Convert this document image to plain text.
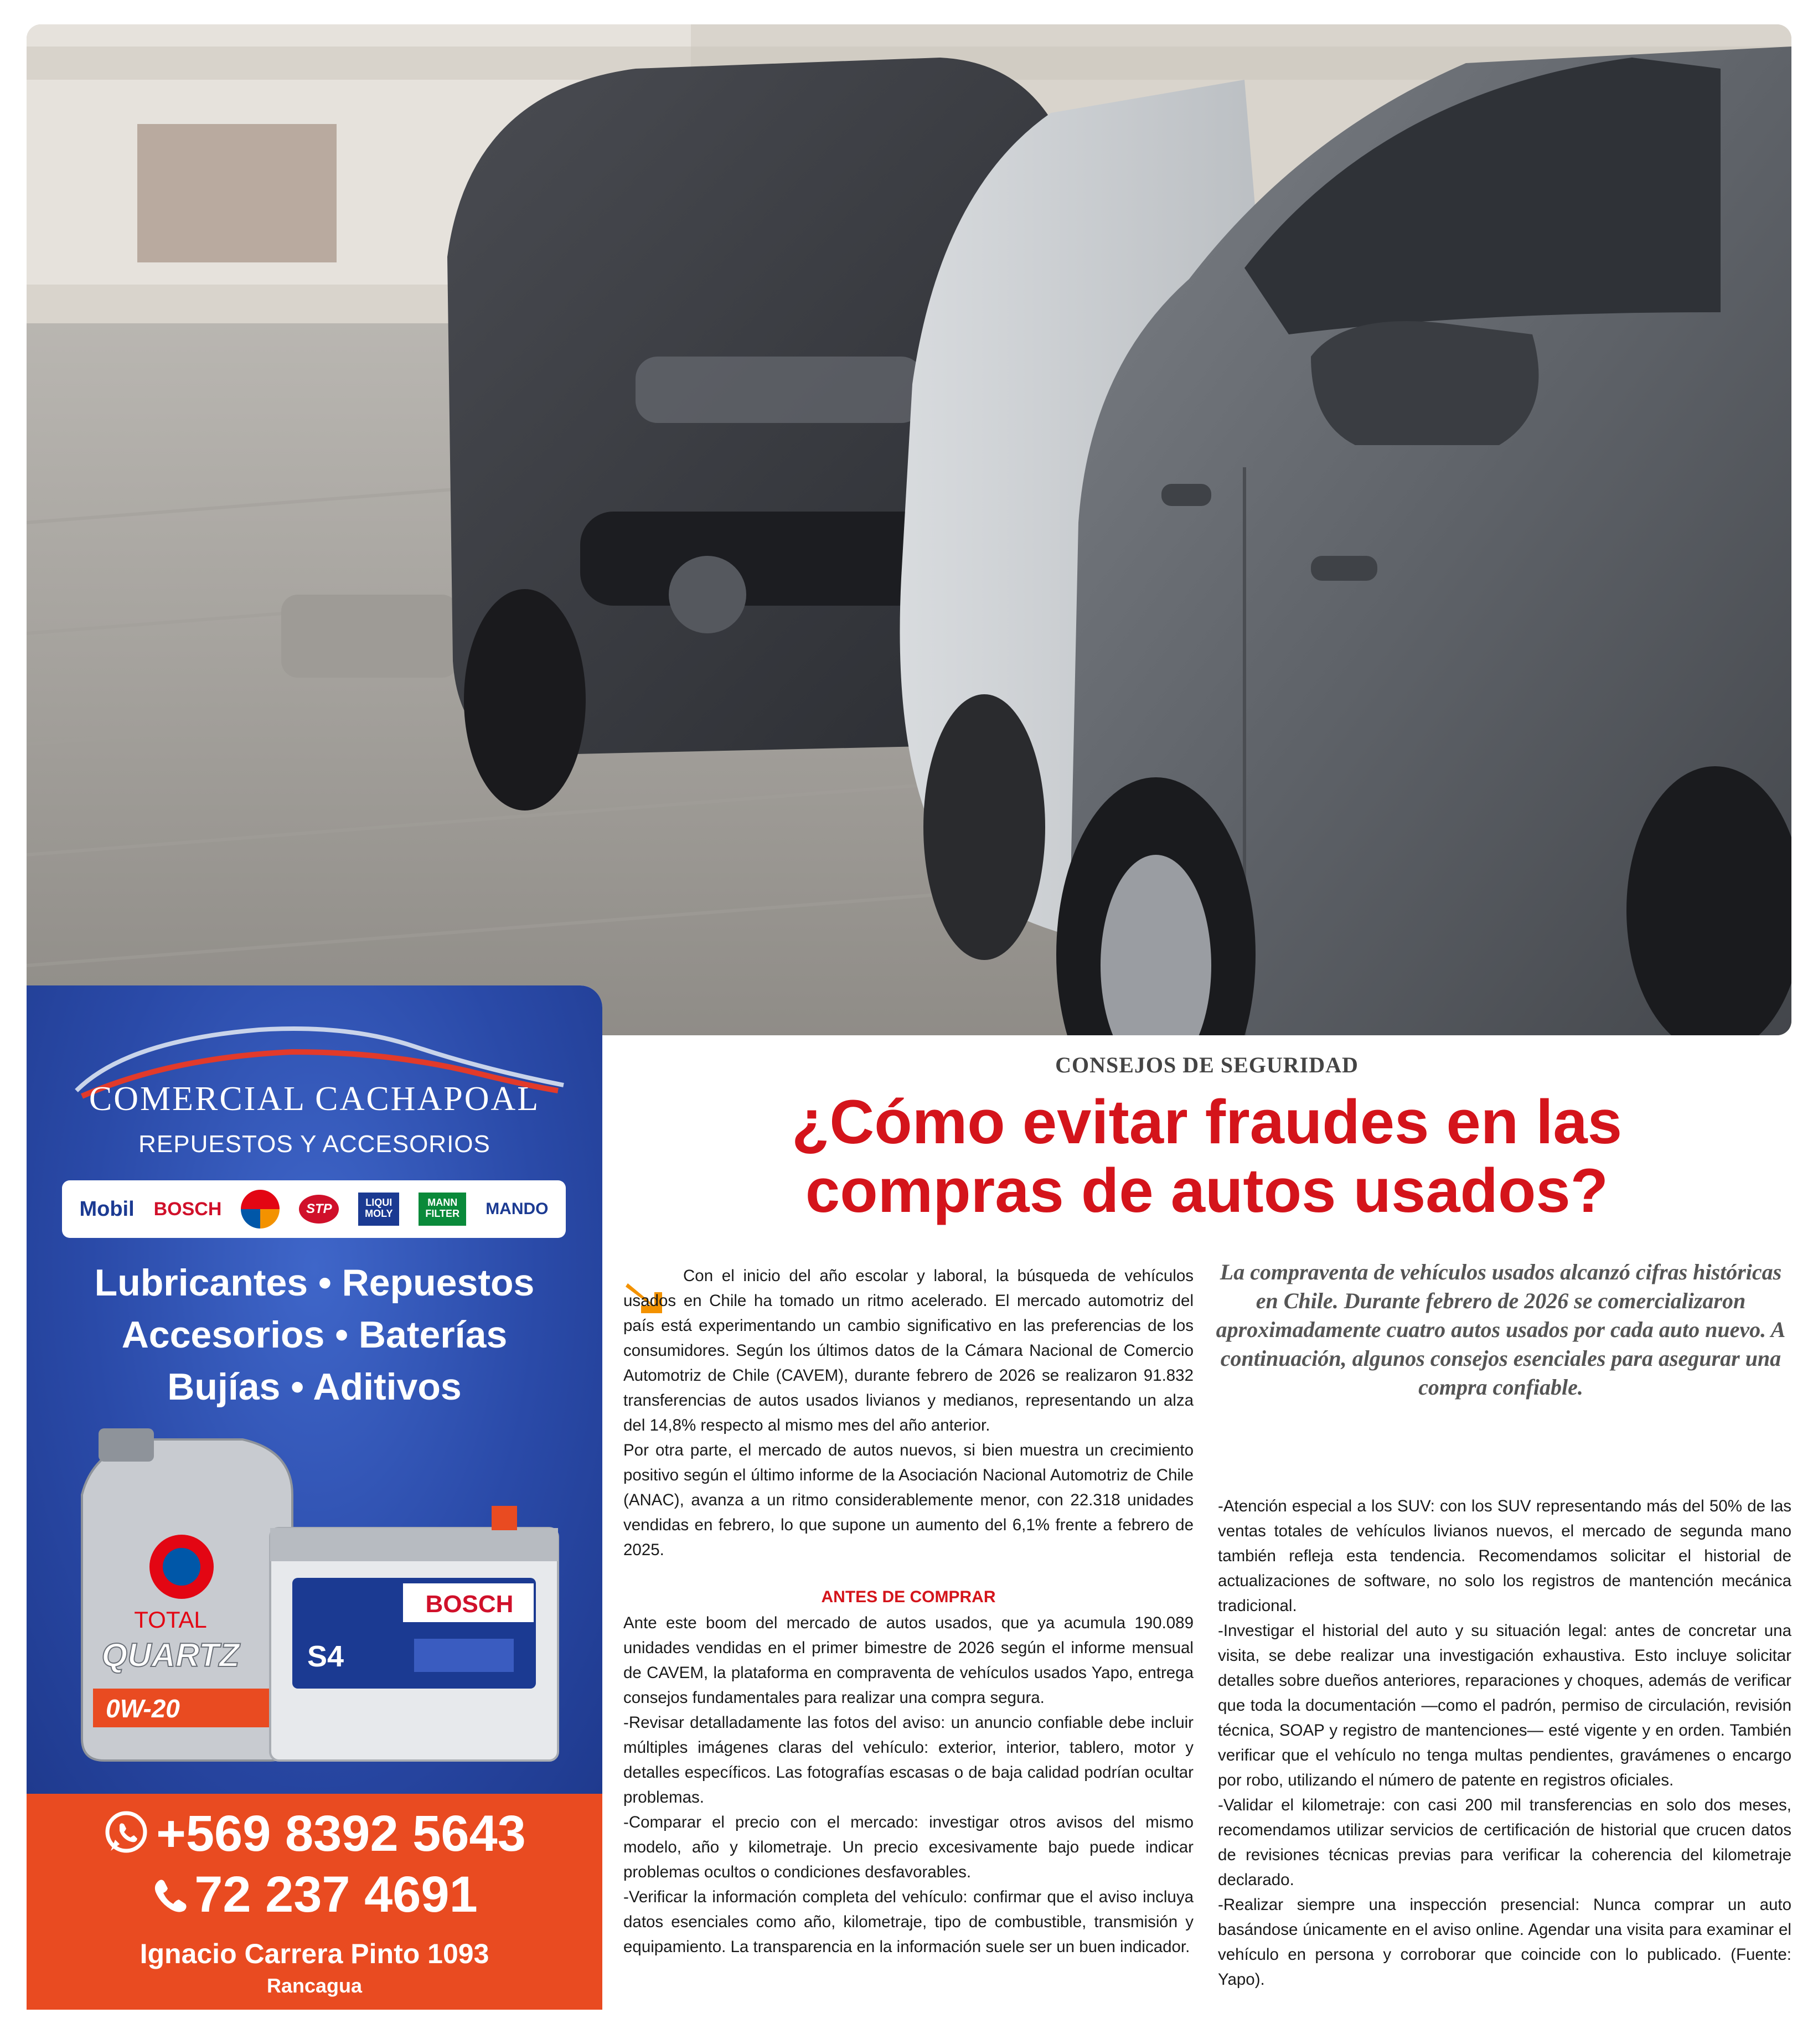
COMERCIAL CACHAPOAL
REPUESTOS Y ACCESORIOS
Mobil BOSCH	STP	LIQUI MOLY
MANN FILTER	MANDO
Lubricantes • Repuestos
Accesorios • Baterías
Bujías • Aditivos
TOTAL
QUARTZ
0W-20
BOSCH
S4
+569 8392 5643
72 237 4691
Ignacio Carrera Pinto 1093
Rancagua
CONSEJOS DE SEGURIDAD
¿Cómo evitar fraudes en las
compras de autos usados?

Con el inicio del año escolar y laboral, la búsqueda de vehículos usados en Chile ha tomado un ritmo acelerado. El mercado automotriz del país está experimentando un cambio significativo en las preferencias de los consumidores. Según los últimos datos de la Cámara Nacional de Comercio Automotriz de Chile (CAVEM), durante febrero de 2026 se realizaron 91.832 transferencias de autos usados livianos y medianos, representando un alza del 14,8% respecto al mismo mes del año anterior.

Por otra parte, el mercado de autos nuevos, si bien muestra un crecimiento positivo según el último informe de la Asociación Nacional Automotriz de Chile (ANAC), avanza a un ritmo considerablemente menor, con 22.318 unidades vendidas en febrero, lo que supone un aumento del 6,1% frente a febrero de 2025.

ANTES DE COMPRAR

Ante este boom del mercado de autos usados, que ya acumula 190.089 unidades vendidas en el primer bimestre de 2026 según el informe mensual de CAVEM, la plataforma en compraventa de vehículos usados Yapo, entrega consejos fundamentales para realizar una compra segura.

-Revisar detalladamente las fotos del aviso: un anuncio confiable debe incluir múltiples imágenes claras del vehículo: exterior, interior, tablero, motor y detalles específicos. Las fotografías escasas o de baja calidad podrían ocultar problemas.

-Comparar el precio con el mercado: investigar otros avisos del mismo modelo, año y kilometraje. Un precio excesivamente bajo puede indicar problemas ocultos o condiciones desfavorables.

-Verificar la información completa del vehículo: confirmar que el aviso incluya datos esenciales como año, kilometraje, tipo de combustible, transmisión y equipamiento. La transparencia en la información suele ser un buen indicador.

La compraventa de vehículos usados alcanzó cifras históricas en Chile. Durante febrero de 2026 se comercializaron aproximadamente cuatro autos usados por cada auto nuevo. A continuación, algunos consejos esenciales para asegurar una compra confiable.

-Atención especial a los SUV: con los SUV representando más del 50% de las ventas totales de vehículos livianos nuevos, el mercado de segunda mano también refleja esta tendencia. Recomendamos solicitar el historial de actualizaciones de software, no solo los registros de mantención mecánica tradicional.

-Investigar el historial del auto y su situación legal: antes de concretar una visita, se debe realizar una investigación exhaustiva. Esto incluye solicitar detalles sobre dueños anteriores, reparaciones y choques, además de verificar que toda la documentación —como el padrón, permiso de circulación, revisión técnica, SOAP y registro de mantenciones— esté vigente y en orden. También verificar que el vehículo no tenga multas pendientes, gravámenes o encargo por robo, utilizando el número de patente en registros oficiales.

-Validar el kilometraje: con casi 200 mil transferencias en solo dos meses, recomendamos utilizar servicios de certificación de historial que crucen datos de revisiones técnicas previas para verificar la coherencia del kilometraje declarado.

-Realizar siempre una inspección presencial: Nunca comprar un auto basándose únicamente en el aviso online. Agendar una visita para examinar el vehículo en persona y corroborar que coincide con lo publicado. (Fuente: Yapo).
